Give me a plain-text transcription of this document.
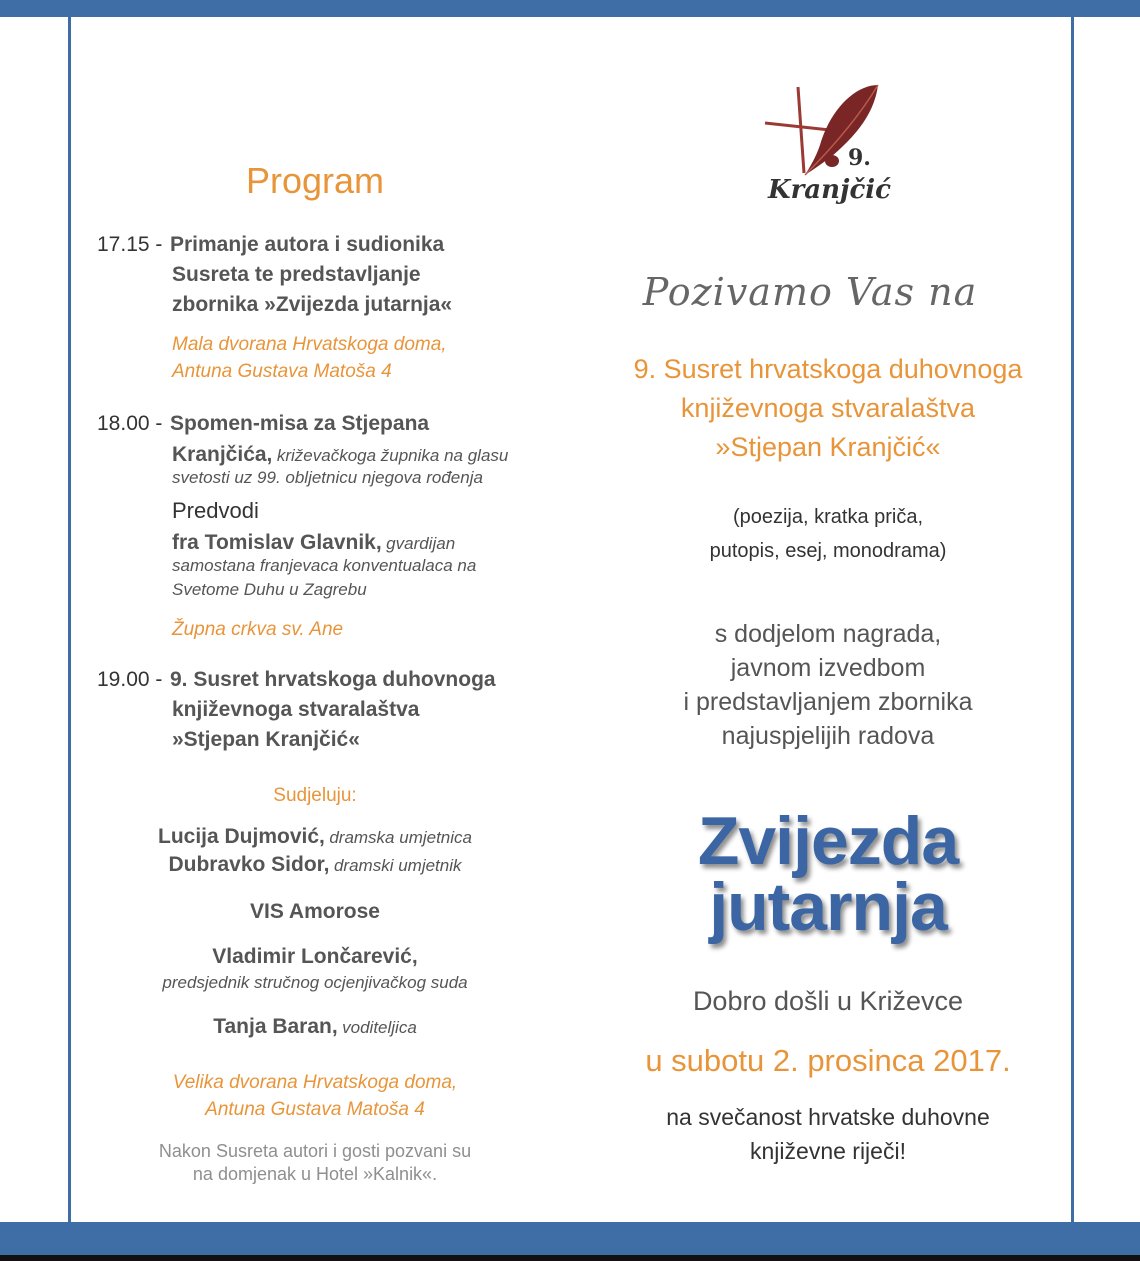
Program
17.15 - Primanje autora i sudionika
Susreta te predstavljanje
zbornika »Zvijezda jutarnja«
Mala dvorana Hrvatskoga doma,
Antuna Gustava Matoša 4
18.00 - Spomen-misa za Stjepana
Kranjčića, križevačkoga župnika na glasu
svetosti uz 99. obljetnicu njegova rođenja
Predvodi
fra Tomislav Glavnik, gvardijan
samostana franjevaca konventualaca na
Svetome Duhu u Zagrebu
Župna crkva sv. Ane
19.00 - 9. Susret hrvatskoga duhovnoga
književnoga stvaralaštva
»Stjepan Kranjčić«
Sudjeluju:
Lucija Dujmović, dramska umjetnica
Dubravko Sidor, dramski umjetnik
VIS Amorose
Vladimir Lončarević,
predsjednik stručnog ocjenjivačkog suda
Tanja Baran, voditeljica
Velika dvorana Hrvatskoga doma,
Antuna Gustava Matoša 4
Nakon Susreta autori i gosti pozvani su
na domjenak u Hotel »Kalnik«.
9.
Kranjčić
Pozivamo Vas na
9. Susret hrvatskoga duhovnoga
književnoga stvaralaštva
»Stjepan Kranjčić«
(poezija, kratka priča,
putopis, esej, monodrama)
s dodjelom nagrada,
javnom izvedbom
i predstavljanjem zbornika
najuspjelijih radova
Zvijezda
jutarnja
Dobro došli u Križevce
u subotu 2. prosinca 2017.
na svečanost hrvatske duhovne
književne riječi!
